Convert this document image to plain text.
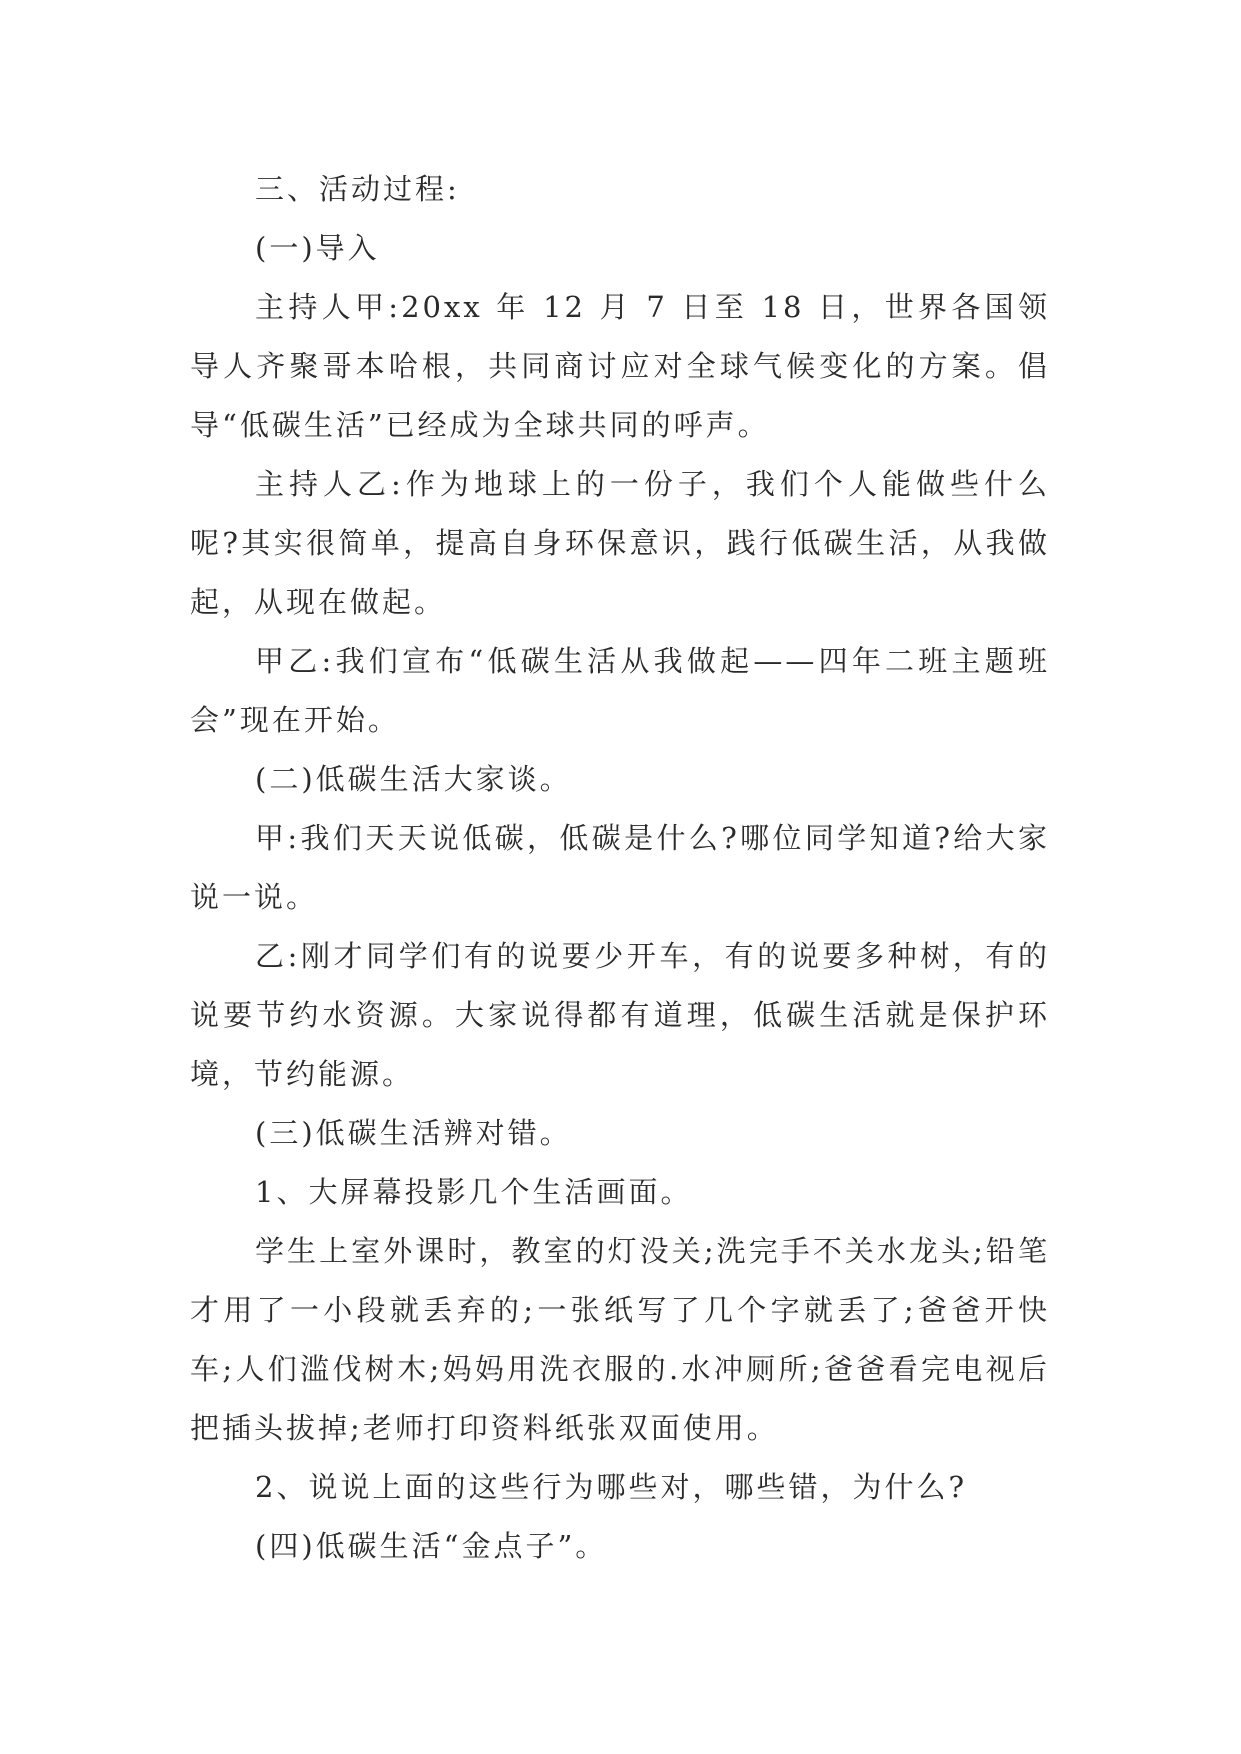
三、活动过程:

(一)导入

主持人甲:20xx 年 12 月 7 日至 18 日，世界各国领导人齐聚哥本哈根，共同商讨应对全球气候变化的方案。倡导“低碳生活”已经成为全球共同的呼声。

主持人乙:作为地球上的一份子，我们个人能做些什么呢?其实很简单，提高自身环保意识，践行低碳生活，从我做起，从现在做起。

甲乙:我们宣布“低碳生活从我做起——四年二班主题班会”现在开始。

(二)低碳生活大家谈。

甲:我们天天说低碳，低碳是什么?哪位同学知道?给大家说一说。

乙:刚才同学们有的说要少开车，有的说要多种树，有的说要节约水资源。大家说得都有道理，低碳生活就是保护环境，节约能源。

(三)低碳生活辨对错。

1、大屏幕投影几个生活画面。

学生上室外课时，教室的灯没关;洗完手不关水龙头;铅笔才用了一小段就丢弃的;一张纸写了几个字就丢了;爸爸开快车;人们滥伐树木;妈妈用洗衣服的.水冲厕所;爸爸看完电视后把插头拔掉;老师打印资料纸张双面使用。

2、说说上面的这些行为哪些对，哪些错，为什么?

(四)低碳生活“金点子”。
